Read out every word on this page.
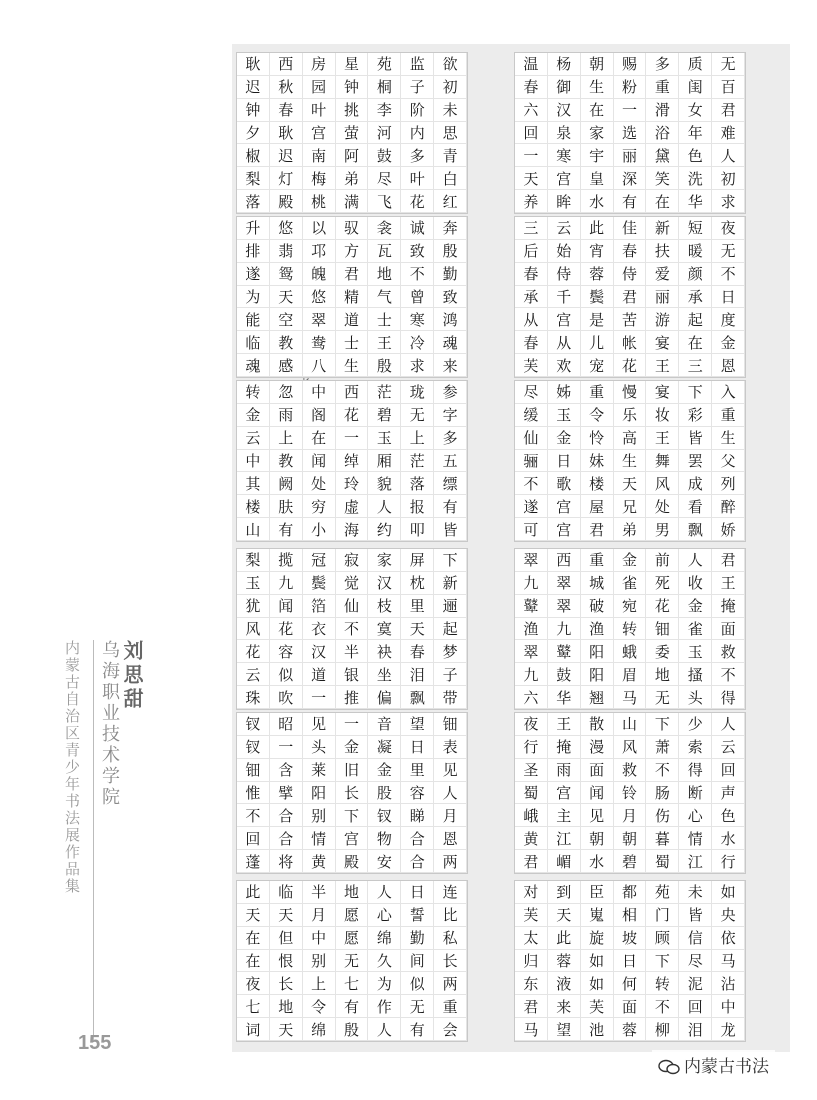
内蒙古自治区青少年书法展作品集 乌海职业技术学院 刘思甜
155
内蒙古书法
耿
迟
钟
夕
椒
梨
落
西
秋
春
耿
迟
灯
殿
房
园
叶
宫
南
梅
桃
星
钟
挑
萤
阿
弟
满
苑
桐
李
河
鼓
尽
飞
监
子
阶
内
多
叶
花
欲
初
未
思
青
白
红
温
春
六
回
一
天
养
杨
御
汉
泉
寒
宫
眸
朝
生
在
家
宇
皇
水
赐
粉
一
选
丽
深
有
多
重
滑
浴
黛
笑
在
质
闺
女
年
色
洗
华
无
百
君
难
人
初
求
升
排
遂
为
能
临
魂
悠
翡
鸳
天
空
教
感
以
邛
魄
悠
翠
鸯
八
驭
方
君
精
道
士
生
衾
瓦
地
气
士
王
殷
诚
致
不
曾
寒
冷
求
奔
殷
勤
致
鸿
魂
来
三
后
春
承
从
春
芙
云
始
侍
千
宫
从
欢
此
宵
蓉
鬓
是
儿
宠
佳
春
侍
君
苦
帐
花
新
扶
爱
丽
游
宴
王
短
暖
颜
承
起
在
三
夜
无
不
日
度
金
恩
转
金
云
中
其
楼
山
忽
雨
上
教
阙
肤
有
中
阁
在
闻
处
穷
小
西
花
一
绰
玲
虚
海
茫
碧
玉
厢
貌
人
约
珑
无
上
茫
落
报
叩
参
字
多
五
缥
有
皆
尽
缓
仙
骊
不
遂
可
姊
玉
金
日
歌
宫
宫
重
令
怜
妹
楼
屋
君
慢
乐
高
生
天
兄
弟
宴
妆
王
舞
风
处
男
下
彩
皆
罢
成
看
飘
入
重
生
父
列
醉
娇
梨
玉
犹
风
花
云
珠
揽
九
闻
花
容
似
吹
冠
鬓
箔
衣
汉
道
一
寂
觉
仙
不
半
银
推
家
汉
枝
寞
袂
坐
偏
屏
枕
里
天
春
泪
飘
下
新
逦
起
梦
子
带
翠
九
鼙
渔
翠
九
六
西
翠
翠
九
鼙
鼓
华
重
城
破
渔
阳
阳
翘
金
雀
宛
转
蛾
眉
马
前
死
花
钿
委
地
无
人
收
金
雀
玉
搔
头
君
王
掩
面
救
不
得
钗
钗
钿
惟
不
回
蓬
昭
一
含
擘
合
合
将
见
头
莱
阳
别
情
黄
一
金
旧
长
下
宫
殿
音
凝
金
股
钗
物
安
望
日
里
容
睇
合
合
钿
表
见
人
月
恩
两
夜
行
圣
蜀
峨
黄
君
王
掩
雨
宫
主
江
嵋
散
漫
面
闻
见
朝
水
山
风
救
铃
月
朝
碧
下
萧
不
肠
伤
暮
蜀
少
索
得
断
心
情
江
人
云
回
声
色
水
行
此
天
在
在
夜
七
词
临
天
但
恨
长
地
天
半
月
中
别
上
令
绵
地
愿
愿
无
七
有
殷
人
心
绵
久
为
作
人
日
誓
勤
间
似
无
有
连
比
私
长
两
重
会
对
芙
太
归
东
君
马
到
天
此
蓉
液
来
望
臣
嵬
旋
如
如
芙
池
都
相
坡
日
何
面
蓉
苑
门
顾
下
转
不
柳
未
皆
信
尽
泥
回
泪
如
央
依
马
沾
中
龙
